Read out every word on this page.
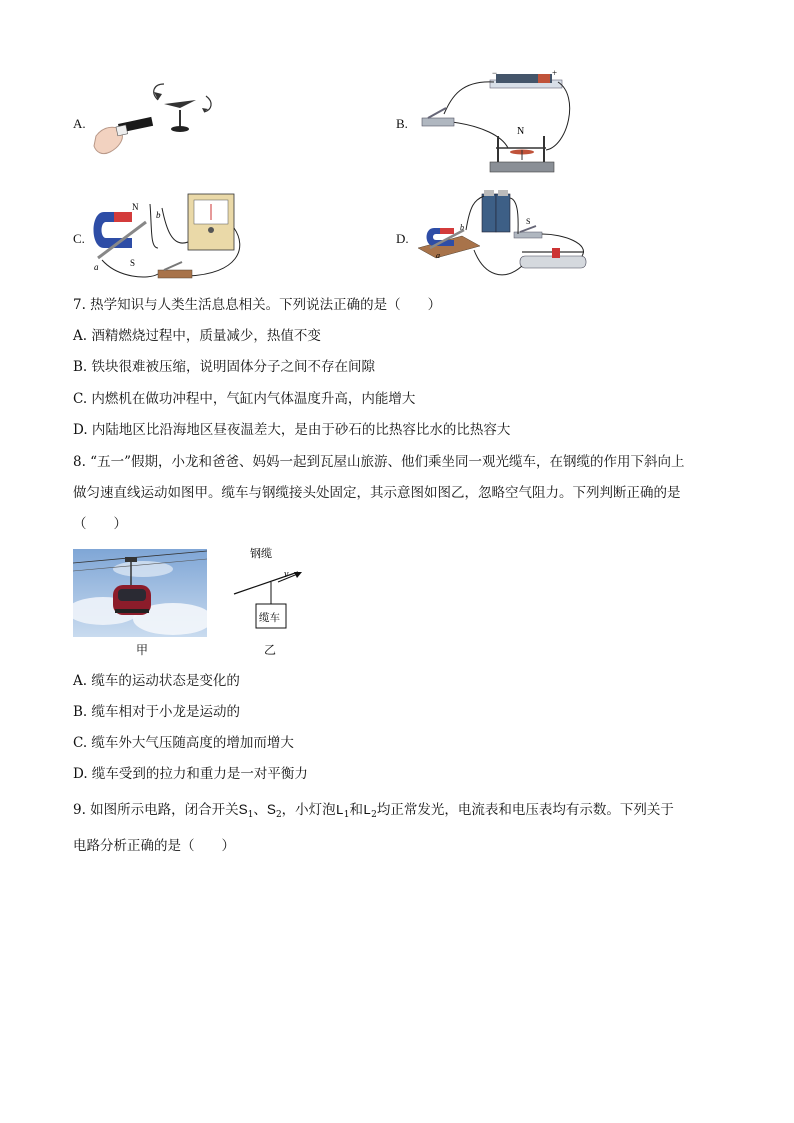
A.	B.
−	+
N
C.
N
S
a
b
D.
b
a
S
7. 热学知识与人类生活息息相关。下列说法正确的是（　　）
A. 酒精燃烧过程中，质量减少，热值不变
B. 铁块很难被压缩，说明固体分子之间不存在间隙
C. 内燃机在做功冲程中，气缸内气体温度升高，内能增大
D. 内陆地区比沿海地区昼夜温差大，是由于砂石的比热容比水的比热容大
8. “五一”假期，小龙和爸爸、妈妈一起到瓦屋山旅游、他们乘坐同一观光缆车，在钢缆的作用下斜向上
做匀速直线运动如图甲。缆车与钢缆接头处固定，其示意图如图乙，忽略空气阻力。下列判断正确的是
（　　）
甲
钢缆
缆车
v
乙
A. 缆车的运动状态是变化的
B. 缆车相对于小龙是运动的
C. 缆车外大气压随高度的增加而增大
D. 缆车受到的拉力和重力是一对平衡力
9. 如图所示电路，闭合开关$S_1$、$S_2$，小灯泡$L_1$和$L_2$均正常发光，电流表和电压表均有示数。下列关于
电路分析正确的是（　　）
